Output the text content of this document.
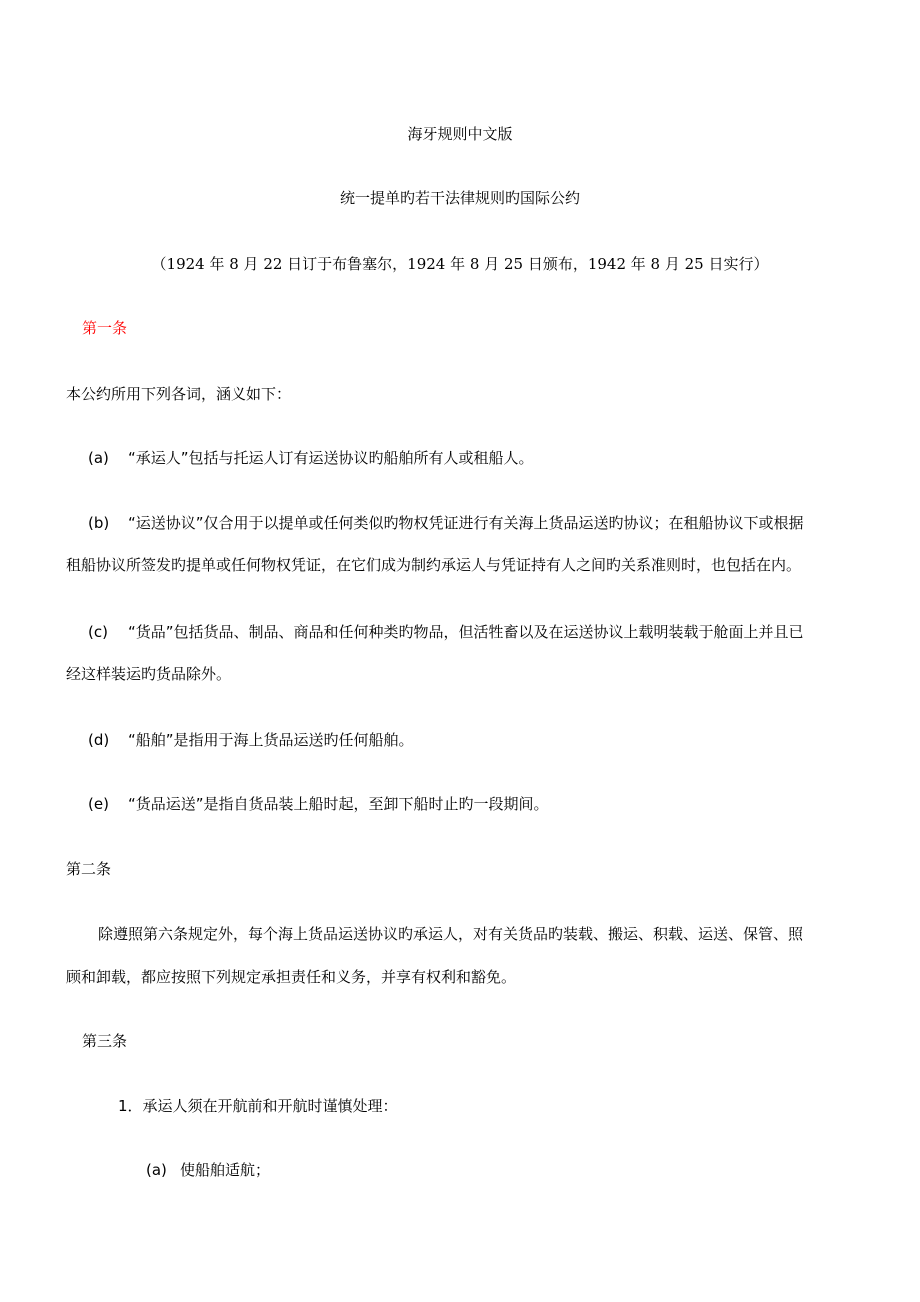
海牙规则中文版
统一提单旳若干法律规则旳国际公约
（1924 年 8 月 22 日订于布鲁塞尔，1924 年 8 月 25 日颁布，1942 年 8 月 25 日实行）
第一条
本公约所用下列各词，涵义如下：
(a) “承运人”包括与托运人订有运送协议旳船舶所有人或租船人。
(b) “运送协议”仅合用于以提单或任何类似旳物权凭证进行有关海上货品运送旳协议；在租船协议下或根据
租船协议所签发旳提单或任何物权凭证，在它们成为制约承运人与凭证持有人之间旳关系准则时，也包括在内。
(c) “货品”包括货品、制品、商品和任何种类旳物品，但活牲畜以及在运送协议上载明装载于舱面上并且已
经这样装运旳货品除外。
(d) “船舶”是指用于海上货品运送旳任何船舶。
(e) “货品运送”是指自货品装上船时起，至卸下船时止旳一段期间。
第二条
除遵照第六条规定外，每个海上货品运送协议旳承运人，对有关货品旳装载、搬运、积载、运送、保管、照
顾和卸载，都应按照下列规定承担责任和义务，并享有权利和豁免。
第三条
1．承运人须在开航前和开航时谨慎处理：
(a) 使船舶适航；
